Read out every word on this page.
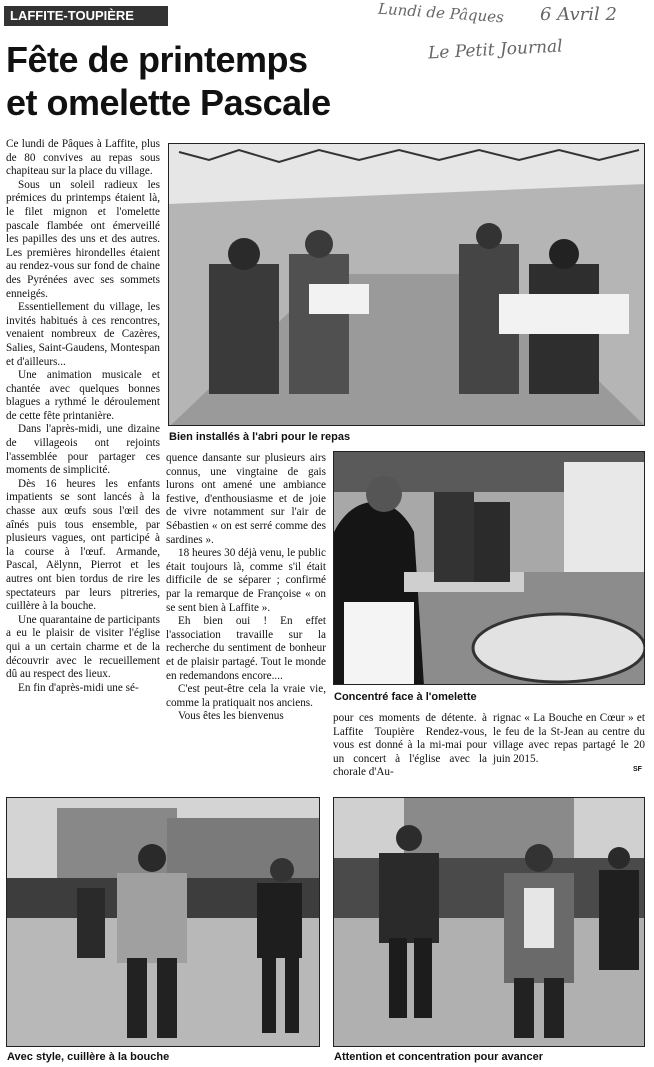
LAFFITE-TOUPIÈRE	Lundi de Pâques 6 Avril 2
Le Petit Journal
Fête de printemps
et omelette Pascale

Ce lundi de Pâques à Laffite, plus de 80 convives au repas sous chapiteau sur la place du village.

Sous un soleil radieux les prémices du printemps étaient là, le filet mignon et l'omelette pascale flambée ont émerveillé les papilles des uns et des autres. Les premières hirondelles étaient au rendez-vous sur fond de chaine des Pyrénées avec ses sommets enneigés.

Essentiellement du village, les invités habitués à ces rencontres, venaient nombreux de Cazères, Salies, Saint-Gaudens, Montespan et d'ailleurs...

Une animation musicale et chantée avec quelques bonnes blagues a rythmé le déroulement de cette fête printanière.

Dans l'après-midi, une dizaine de villageois ont rejoints l'assemblée pour partager ces moments de simplicité.

Dès 16 heures les enfants impatients se sont lancés à la chasse aux œufs sous l'œil des aînés puis tous ensemble, par plusieurs vagues, ont participé à la course à l'œuf. Armande, Pascal, Aëlynn, Pierrot et les autres ont bien tordus de rire les spectateurs par leurs pitreries, cuillère à la bouche.

Une quarantaine de participants a eu le plaisir de visiter l'église qui a un certain charme et de la découvrir avec le recueillement dû au respect des lieux.

En fin d'après-midi une sé-

Bien installés à l'abri pour le repas

quence dansante sur plusieurs airs connus, une vingtaine de gais lurons ont amené une ambiance festive, d'enthousiasme et de joie de vivre notamment sur l'air de Sébastien « on est serré comme des sardines ».

18 heures 30 déjà venu, le public était toujours là, comme s'il était difficile de se séparer ; confirmé par la remarque de Françoise « on se sent bien à Laffite ».

Eh bien oui ! En effet l'association travaille sur la recherche du sentiment de bonheur et de plaisir partagé. Tout le monde en redemandons encore....

C'est peut-être cela la vraie vie, comme la pratiquait nos anciens.

Vous êtes les bienvenus

Concentré face à l'omelette

pour ces moments de détente. à Laffite Toupière Rendez-vous, vous est donné à la mi-mai pour un concert à l'église avec la chorale d'Au-

rignac « La Bouche en Cœur » et le feu de la St-Jean au centre du village avec repas partagé le 20 juin 2015.

SF
Avec style, cuillère à la bouche	Attention et concentration pour avancer
